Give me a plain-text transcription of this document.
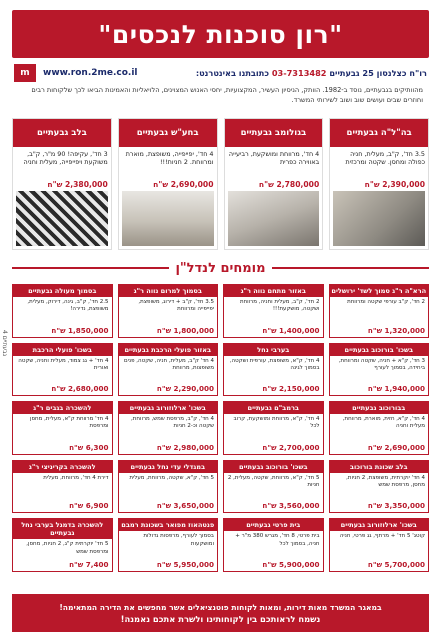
"רון סוכנות לנכסים"
רו"ח כצלנסון 25 גבעתיים 03-7313482 כתובתנו באינטרנט:
m www.ron.2me.co.il
מהוותיקים בגבעתיים, נוסד ב-1982. הוותק, הניסיון העשיר, המקצועיות, יחסי האנוש המצוינים, הלויאליות והאמינות הביאו לכך שלקוחות רבים וחוזרים שבים ועושים שוב ושוב לשירותי המשרד.
בה"ל"ה גבעתיים
3.5 חד', ק"ב, מעלית, חניה כפולה ומחסן. שקטה ומרכזית
2,390,000 ש"ח
בגולומב גבעתיים
4 חד', מרווחת ומושקעת, רביעייה באווירה כפרית
2,780,000 ש"ח
בחע"ש גבעתיים
4 חד', יפייפייה, משופצת, מוארת ומרווחת. 2 חניות!!!
2,690,000 ש"ח
בלב גבעתיים
3 חד', עקיפה! 90 מ"ר, ק"ב, משוקעת ויפייפייה, מעלית וחניה
2,380,000 ש"ח
מומחים לנדל"ן
הרא"ה ר"ג סמוך לשד' ירושלים
2 חד', ק"ב עורפי שקטה ומרווחת
1,320,000 ש"ח
באזור מתחם נווה ר"ג
2 חד', ק"ב, מעלית וחניה, מרווחת ושקטה, מושקעת!!!
1,400,000 ש"ח
בסמוך למרום נווה ר"ג
3.5 חד', ק"ב + דירוג, משופצת, יפייפייה ומרווחת
1,800,000 ש"ח
בסמוך מעולה גבעתיים
2.5 חד', ק"ב, גינה, דירוק, מעלית, משופצת, נדירה!
1,850,000 ש"ח
בשכו' בורוכוב גבעתיים
3 חד', ק"א + חניה, שקטה ומרווחת, ביחידה, בסמוך לעורף
1,940,000 ש"ח
בערבי נחל
4 חד', ק"א, משופצת, עורפית ושקטה, בסמוך לגינה
2,150,000 ש"ח
באזור פועלי הרכבת גבעתיים
4 חד' ק"ב, מעלית, חניה, שקטה, פנים משופצות, מרווחת
2,290,000 ש"ח
בשכו' פועלי הרכבת
4 חד' + גג צמוד, מעלית וחניה, שקטה ואורית
2,680,000 ש"ח
בבורוכוב גבעתיים
4 חד', ק"א, חזית, מוארת, מרווחת, מעלית וחניה
2,690,000 ש"ח
ברמב"ם גבעתיים
4 חד', ק"א, מרווחת ומושקעת, קרוב לכל
2,700,000 ש"ח
בשכו' ארלוזורוב גבעתיים
4 חד', ק"ב, מרפסת שמש, מרווחת, שקטה וכ-2 חניות
2,980,000 ש"ח
להשכרה בגבים ר"ג
4 חד' מרווחת ק"א, מעלית, מחסן ומרפסת
6,300 ש"ח
בלב שכונת בורוכוב
4 חד' יוקרתית, משופצת, 2 חניות, מחסן, מרפסת שמש
3,350,000 ש"ח
בשכו' בורוכוב גבעתיים
5 חד', ק"א, מרווחת, שקטה, מעלית, 2 חניות
3,560,000 ש"ח
במגדלי עדי נחל גבעתיים
5 חד', ק"א, שקטה, מרווחת, מעלית
3,650,000 ש"ח
להשכרה בקריניצי ר"ג
דירת 4 חד', מרווחת, מעלית
6,900 ש"ח
בשכו' ארלוזורוב גבעתיים
קוטג' 5 חד' + מרתף, גג פרטי, חניה
5,700,000 ש"ח
בית פרטי גבעתיים
בית פרטי, 8 חד', מגרש 380 מ"ר + חניה, בסמוך לכל
5,900,000 ש"ח
פנטהאוז מפואר בשכונת רמבם
בסמוך לעורף, מרפסות גדולות ומושקעות
5,950,000 ש"ח
להשכרה בדמגל בערבי נחל גבעתיים
5 חד' יוקרתית ק"ג, 2 חניות, מחסן, ומרפסת שמש
7,400 ש"ח
במאגר המשרד מאות דירות, ומאות לקוחות פוטנציאלים אשר מחפשים את הדירה המתאימה!
נשמח לראותכם בין לקוחותינו ולשרת אתכם נאמנה!
גבעתיים 4
